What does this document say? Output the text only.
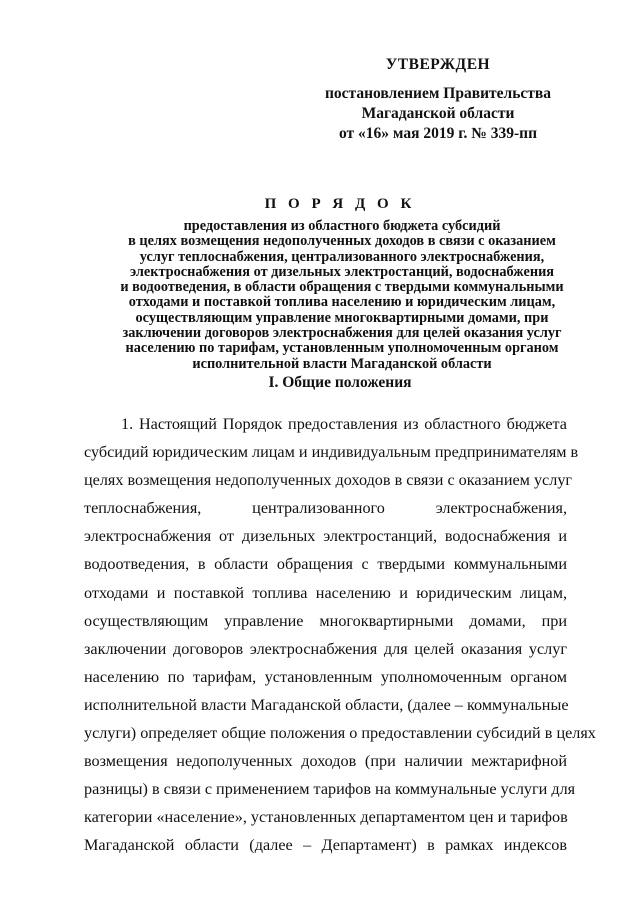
УТВЕРЖДЕН
постановлением Правительства
Магаданской области
от «16» мая 2019 г. № 339-пп
П О Р Я Д О К
предоставления из областного бюджета субсидий
в целях возмещения недополученных доходов в связи с оказанием
услуг теплоснабжения, централизованного электроснабжения,
электроснабжения от дизельных электростанций, водоснабжения
и водоотведения, в области обращения с твердыми коммунальными
отходами и поставкой топлива населению и юридическим лицам,
осуществляющим управление многоквартирными домами, при
заключении договоров электроснабжения для целей оказания услуг
населению по тарифам, установленным уполномоченным органом
исполнительной власти Магаданской области
I. Общие положения
1. Настоящий Порядок предоставления из областного бюджета
субсидий юридическим лицам и индивидуальным предпринимателям в
целях возмещения недополученных доходов в связи с оказанием услуг
теплоснабжения, централизованного электроснабжения,
электроснабжения от дизельных электростанций, водоснабжения и
водоотведения, в области обращения с твердыми коммунальными
отходами и поставкой топлива населению и юридическим лицам,
осуществляющим управление многоквартирными домами, при
заключении договоров электроснабжения для целей оказания услуг
населению по тарифам, установленным уполномоченным органом
исполнительной власти Магаданской области, (далее – коммунальные
услуги) определяет общие положения о предоставлении субсидий в целях
возмещения недополученных доходов (при наличии межтарифной
разницы) в связи с применением тарифов на коммунальные услуги для
категории «население», установленных департаментом цен и тарифов
Магаданской области (далее – Департамент) в рамках индексов
